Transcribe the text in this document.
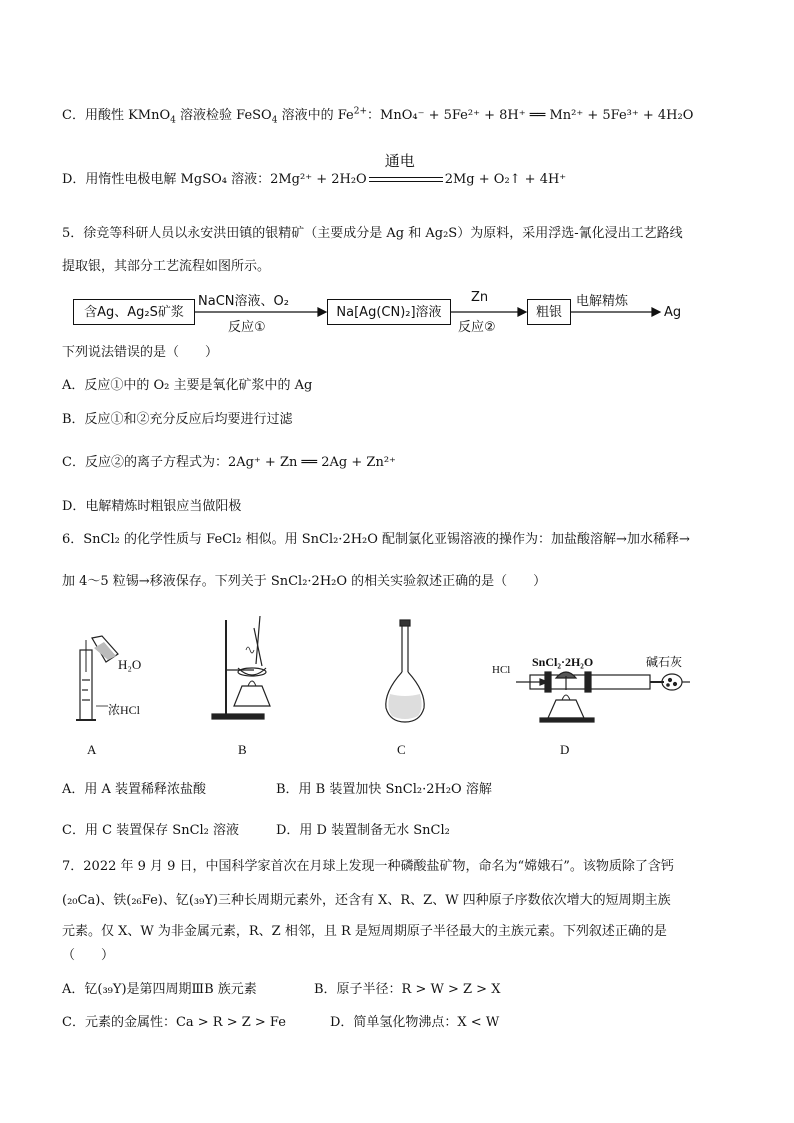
C．用酸性 KMnO$_4$ 溶液检验 FeSO$_4$ 溶液中的 $Fe^{2+}$：MnO₄⁻ + 5Fe²⁺ + 8H⁺ ══ Mn²⁺ + 5Fe³⁺ + 4H₂O
D．用惰性电极电解 MgSO₄ 溶液：2Mg²⁺ + 2H₂O
通电
2Mg + O₂↑ + 4H⁺
5．徐竞等科研人员以永安洪田镇的银精矿（主要成分是 Ag 和 Ag₂S）为原料，采用浮选-氰化浸出工艺路线
提取银，其部分工艺流程如图所示。
含Ag、Ag₂S矿浆
NaCN溶液、O₂
反应①
Na[Ag(CN)₂]溶液
Zn
反应②
粗银
电解精炼
Ag
下列说法错误的是（　　）
A．反应①中的 O₂ 主要是氧化矿浆中的 Ag
B．反应①和②充分反应后均要进行过滤
C．反应②的离子方程式为：2Ag⁺ + Zn ══ 2Ag + Zn²⁺
D．电解精炼时粗银应当做阳极
6．SnCl₂ 的化学性质与 FeCl₂ 相似。用 SnCl₂·2H₂O 配制氯化亚锡溶液的操作为：加盐酸溶解→加水稀释→
加 4～5 粒锡→移液保存。下列关于 SnCl₂·2H₂O 的相关实验叙述正确的是（　　）
H₂O
浓HCl
HCl
SnCl₂·2H₂O	碱石灰
A	B	C	D
A．用 A 装置稀释浓盐酸	B．用 B 装置加快 SnCl₂·2H₂O 溶解
C．用 C 装置保存 SnCl₂ 溶液	D．用 D 装置制备无水 SnCl₂
7．2022 年 9 月 9 日，中国科学家首次在月球上发现一种磷酸盐矿物，命名为“嫦娥石”。该物质除了含钙
(₂₀Ca)、铁(₂₆Fe)、钇(₃₉Y)三种长周期元素外，还含有 X、R、Z、W 四种原子序数依次增大的短周期主族
元素。仅 X、W 为非金属元素，R、Z 相邻，且 R 是短周期原子半径最大的主族元素。下列叙述正确的是
（　　）
A．钇(₃₉Y)是第四周期ⅢB 族元素	B．原子半径：R > W > Z > X
C．元素的金属性：Ca > R > Z > Fe	D．简单氢化物沸点：X < W
